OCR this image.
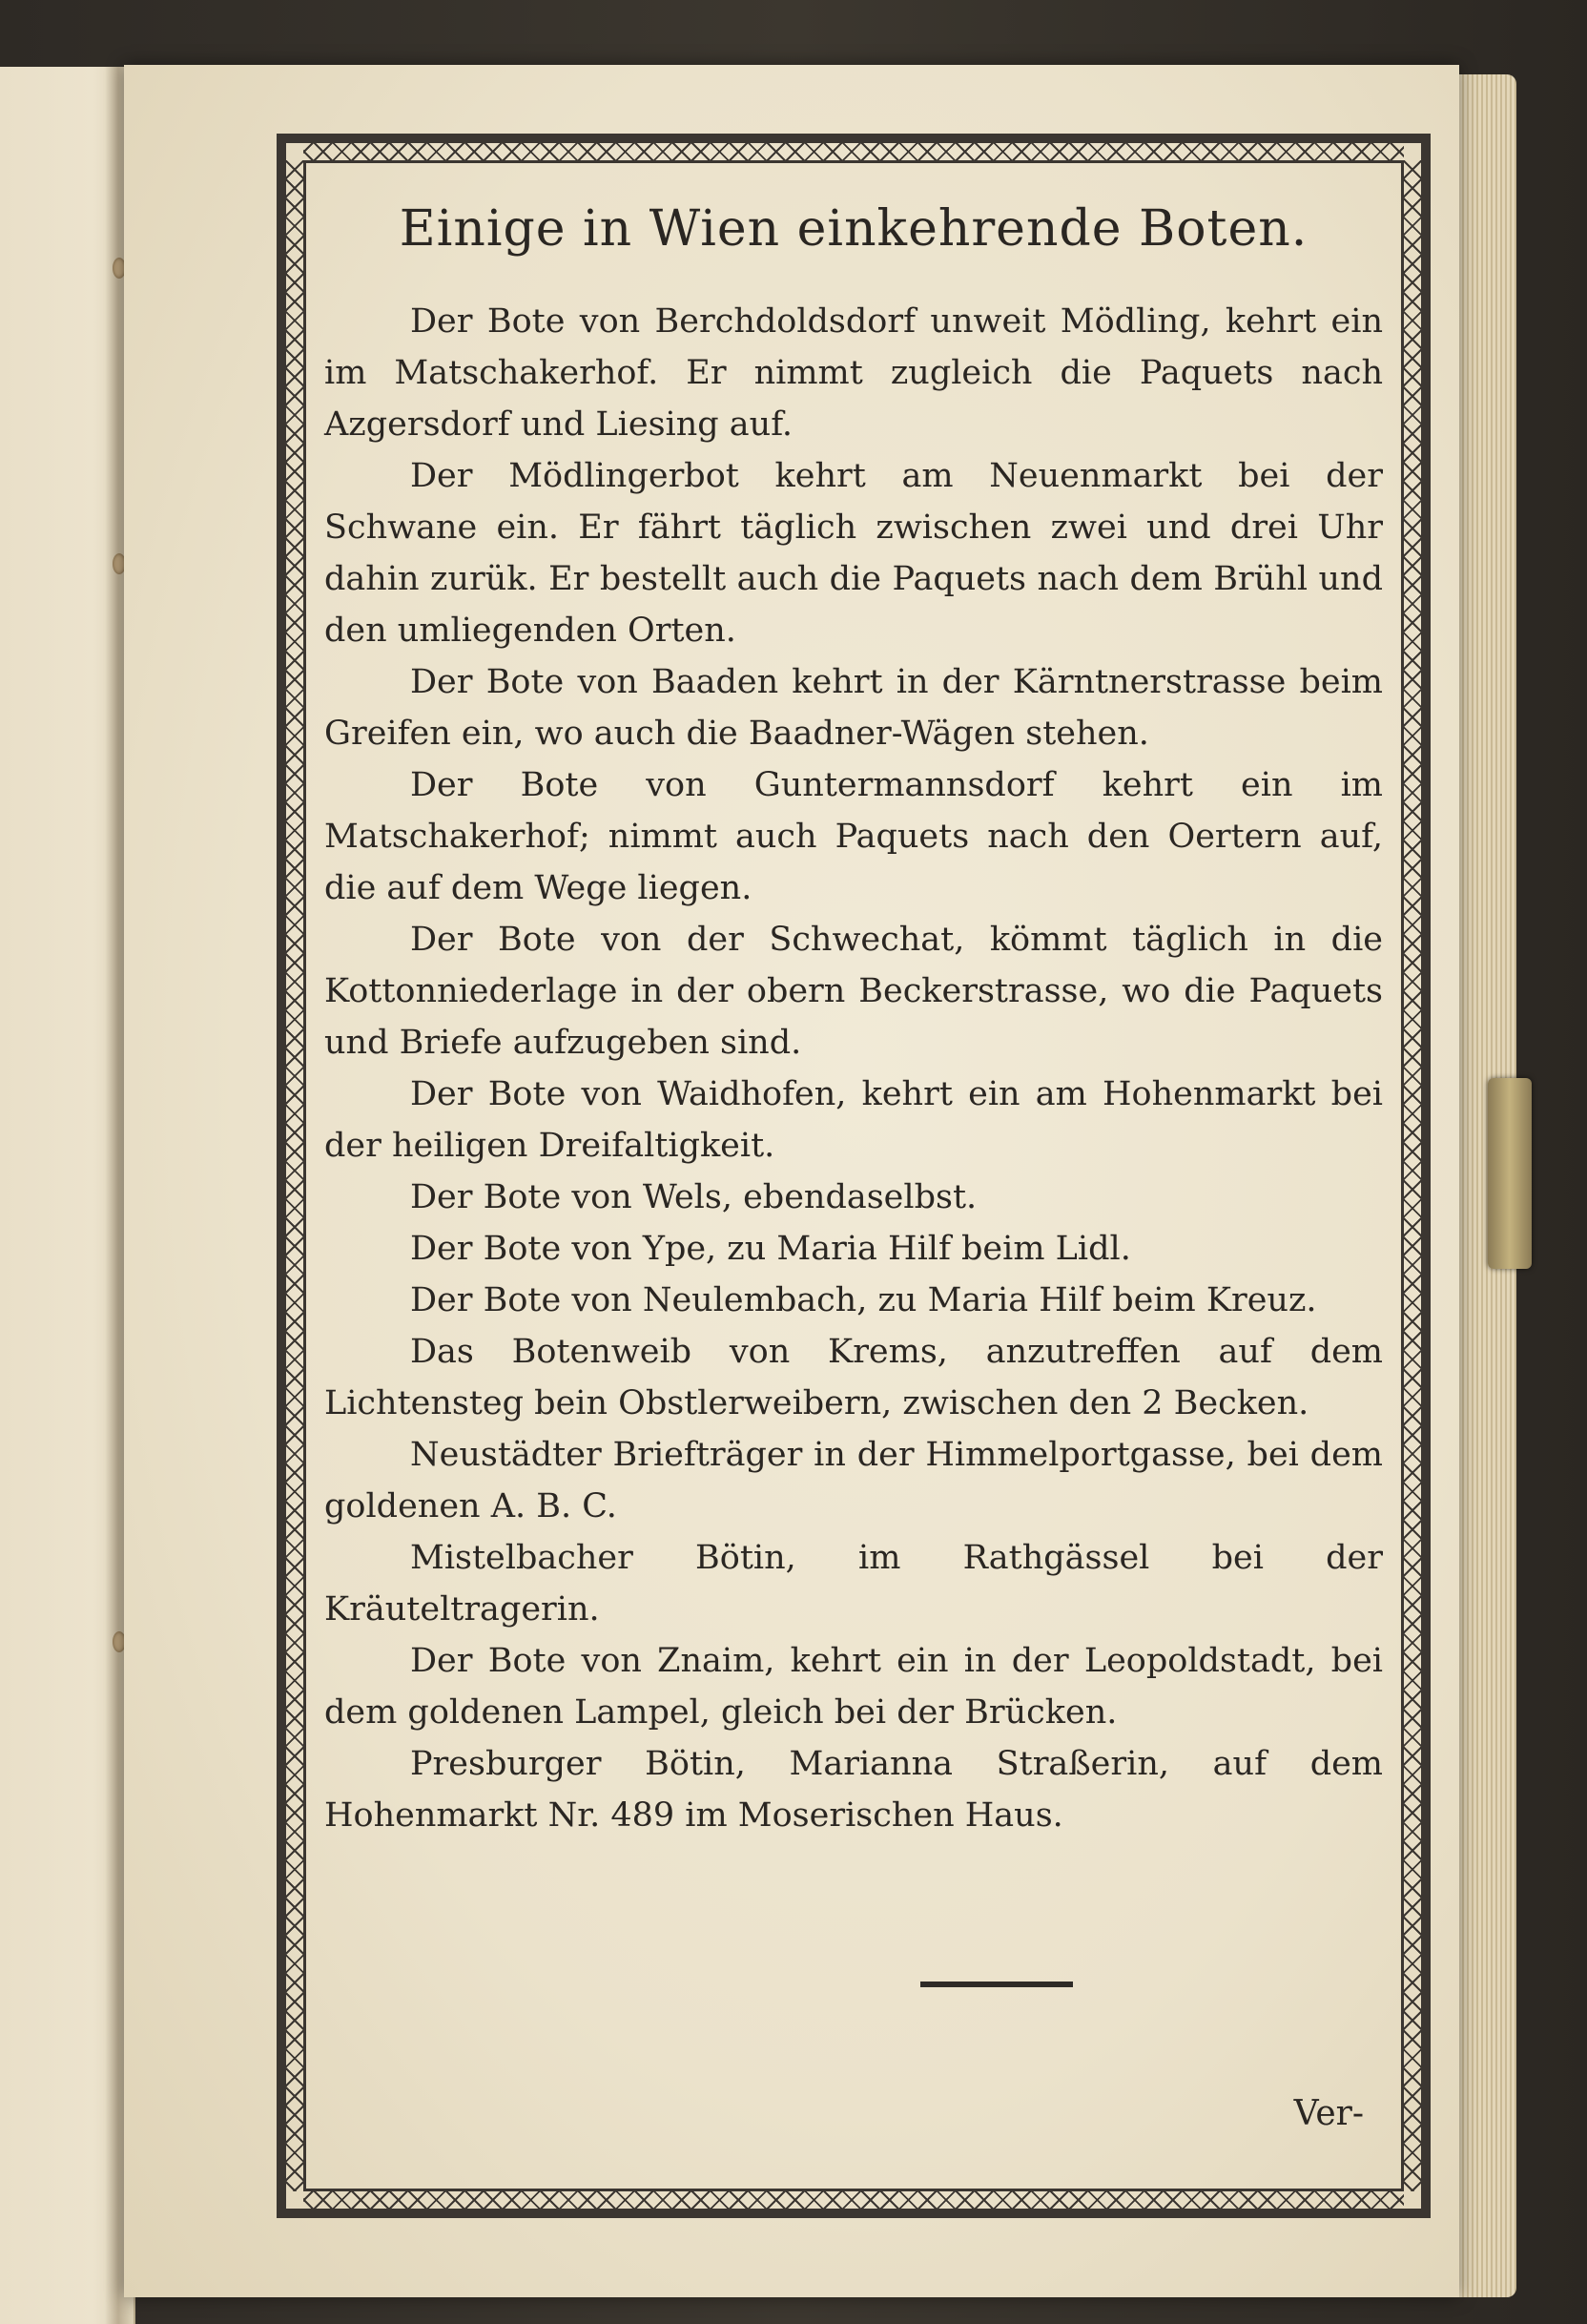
Einige in Wien einkehrende Boten.

Der Bote von Berchdoldsdorf unweit Mödling, kehrt ein im Matschakerhof. Er nimmt zugleich die Paquets nach Azgersdorf und Liesing auf.

Der Mödlingerbot kehrt am Neuenmarkt bei der Schwane ein. Er fährt täglich zwischen zwei und drei Uhr dahin zurük. Er bestellt auch die Paquets nach dem Brühl und den umliegenden Orten.

Der Bote von Baaden kehrt in der Kärntnerstrasse beim Greifen ein, wo auch die Baadner-Wägen stehen.

Der Bote von Guntermannsdorf kehrt ein im Matschakerhof; nimmt auch Paquets nach den Oertern auf, die auf dem Wege liegen.

Der Bote von der Schwechat, kömmt täglich in die Kottonniederlage in der obern Beckerstrasse, wo die Paquets und Briefe aufzugeben sind.

Der Bote von Waidhofen, kehrt ein am Hohenmarkt bei der heiligen Dreifaltigkeit.

Der Bote von Wels, ebendaselbst.

Der Bote von Ype, zu Maria Hilf beim Lidl.

Der Bote von Neulembach, zu Maria Hilf beim Kreuz.

Das Botenweib von Krems, anzutreffen auf dem Lichtensteg bein Obstlerweibern, zwischen den 2 Becken.

Neustädter Briefträger in der Himmelportgasse, bei dem goldenen A. B. C.

Mistelbacher Bötin, im Rathgässel bei der Kräuteltragerin.

Der Bote von Znaim, kehrt ein in der Leopoldstadt, bei dem goldenen Lampel, gleich bei der Brücken.

Presburger Bötin, Marianna Straßerin, auf dem Hohenmarkt Nr. 489 im Moserischen Haus.

Ver-
